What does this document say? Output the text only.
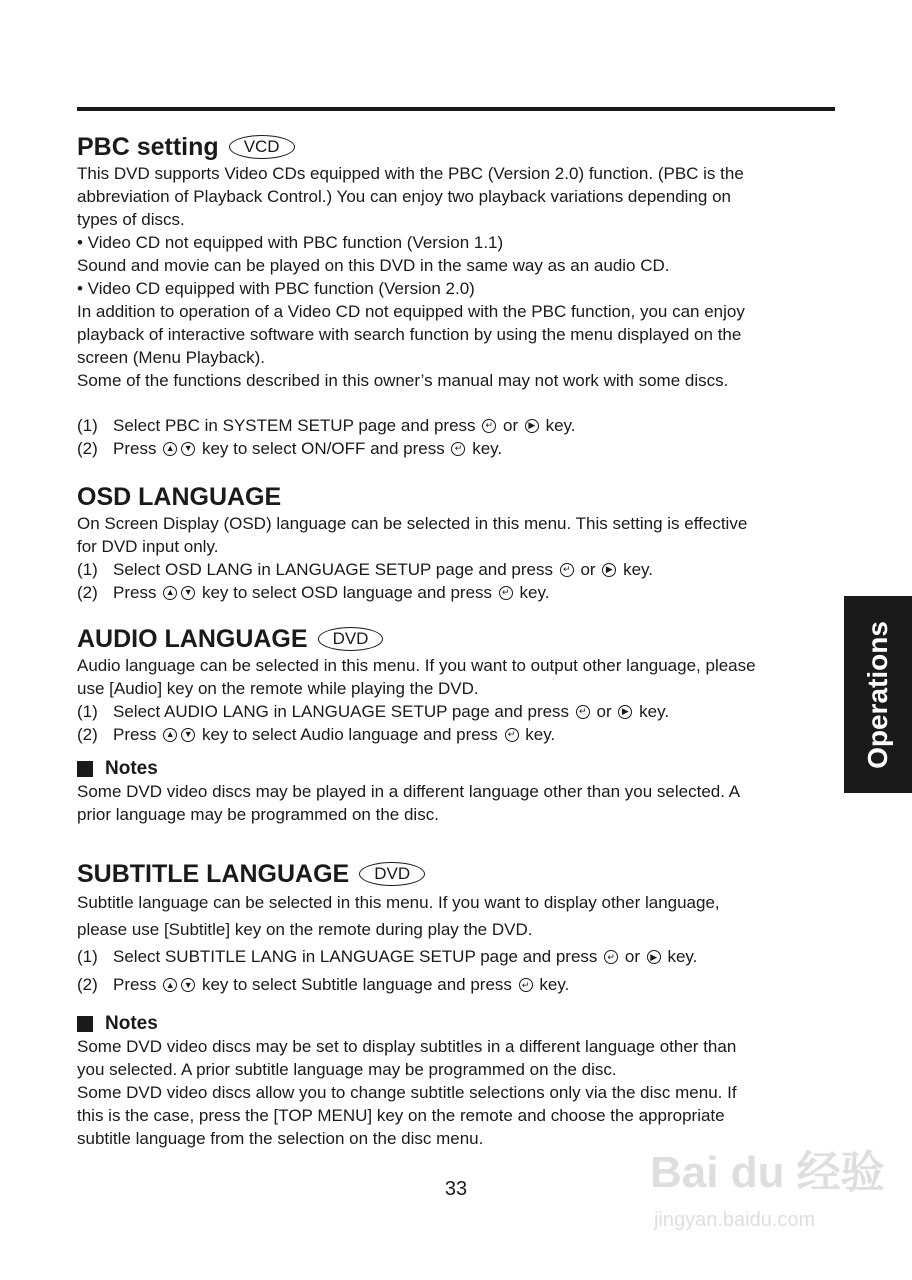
PBC setting	VCD

This DVD supports Video CDs equipped with the PBC (Version 2.0) function. (PBC is the

abbreviation of Playback Control.) You can enjoy two playback variations depending on

types of discs.

• Video CD not equipped with PBC function (Version 1.1)

Sound and movie can be played on this DVD in the same way as an audio CD.

• Video CD equipped with PBC function (Version 2.0)

In addition to operation of a Video CD not equipped with the PBC function, you can enjoy

playback of interactive software with search function by using the menu displayed on the

screen (Menu Playback).

Some of the functions described in this owner’s manual may not work with some discs.

(1) Select PBC in SYSTEM SETUP page and press
	↵
or
	▶
key.
(2) Press
▲ ▼
key to select ON/OFF and press
	↵
key.
OSD LANGUAGE

On Screen Display (OSD) language can be selected in this menu. This setting is effective

for DVD input only.

(1) Select OSD LANG in LANGUAGE SETUP page and press
	↵
or
	▶
key.
(2) Press
▲ ▼
key to select OSD language and press
	↵
key.
AUDIO LANGUAGE	DVD

Audio language can be selected in this menu. If you want to output other language, please

use [Audio] key on the remote while playing the DVD.

(1) Select AUDIO LANG in LANGUAGE SETUP page and press
	↵
or
	▶
key.
(2) Press
▲ ▼
key to select Audio language and press
	↵
key.
Notes

Some DVD video discs may be played in a different language other than you selected. A

prior language may be programmed on the disc.

SUBTITLE LANGUAGE	DVD

Subtitle language can be selected in this menu. If you want to display other language,

please use [Subtitle] key on the remote during play the DVD.

(1) Select SUBTITLE LANG in LANGUAGE SETUP page and press
	↵
or
	▶
key.
(2) Press
▲ ▼
key to select Subtitle language and press
	↵
key.
Notes

Some DVD video discs may be set to display subtitles in a different language other than

you selected. A prior subtitle language may be programmed on the disc.

Some DVD video discs allow you to change subtitle selections only via the disc menu. If

this is the case, press the [TOP MENU] key on the remote and choose the appropriate

subtitle language from the selection on the disc menu.

Operations
33	Bai du 经验
jingyan.baidu.com
